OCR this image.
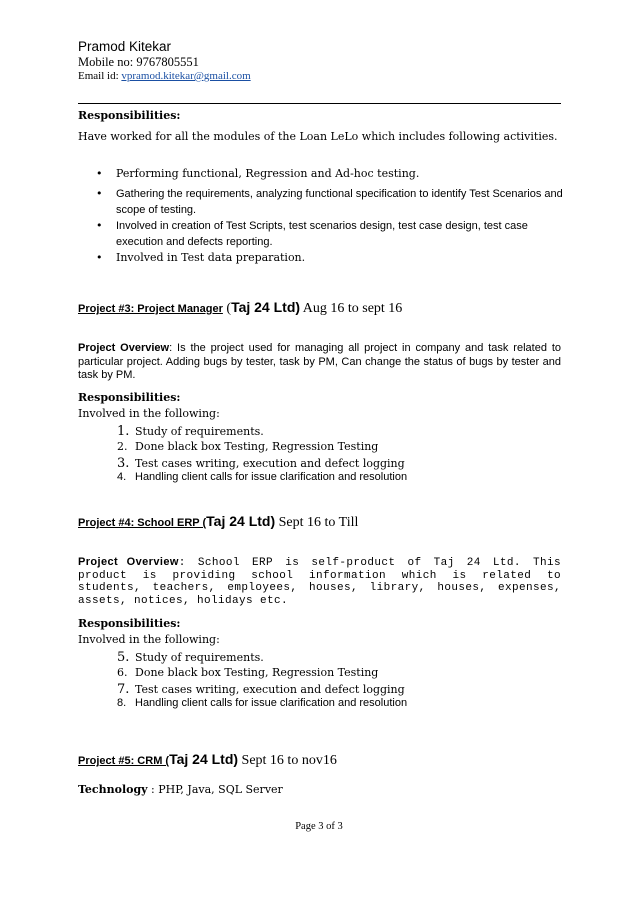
Pramod Kitekar
Mobile no: 9767805551
Email id: vpramod.kitekar@gmail.com
Responsibilities:
Have worked for all the modules of the Loan LeLo which includes following activities.
• Performing functional, Regression and Ad-hoc testing.
• Gathering the requirements, analyzing functional specification to identify Test Scenarios and scope of testing.
• Involved in creation of Test Scripts, test scenarios design, test case design, test case execution and defects reporting.
• Involved in Test data preparation.
Project #3: Project Manager (Taj 24 Ltd) Aug 16 to sept 16
Project Overview: Is the project used for managing all project in company and task related to particular project. Adding bugs by tester, task by PM, Can change the status of bugs by tester and task by PM.
Responsibilities:
Involved in the following:
1. Study of requirements.
2. Done black box Testing, Regression Testing
3. Test cases writing, execution and defect logging
4. Handling client calls for issue clarification and resolution
Project #4: School ERP (Taj 24 Ltd) Sept 16 to Till
Project Overview: School ERP is self-product of Taj 24 Ltd. This product is providing school information which is related to students, teachers, employees, houses, library, houses, expenses, assets, notices, holidays etc.
Responsibilities:
Involved in the following:
5. Study of requirements.
6. Done black box Testing, Regression Testing
7. Test cases writing, execution and defect logging
8. Handling client calls for issue clarification and resolution
Project #5: CRM (Taj 24 Ltd) Sept 16 to nov16
Technology : PHP, Java, SQL Server
Page 3 of 3
